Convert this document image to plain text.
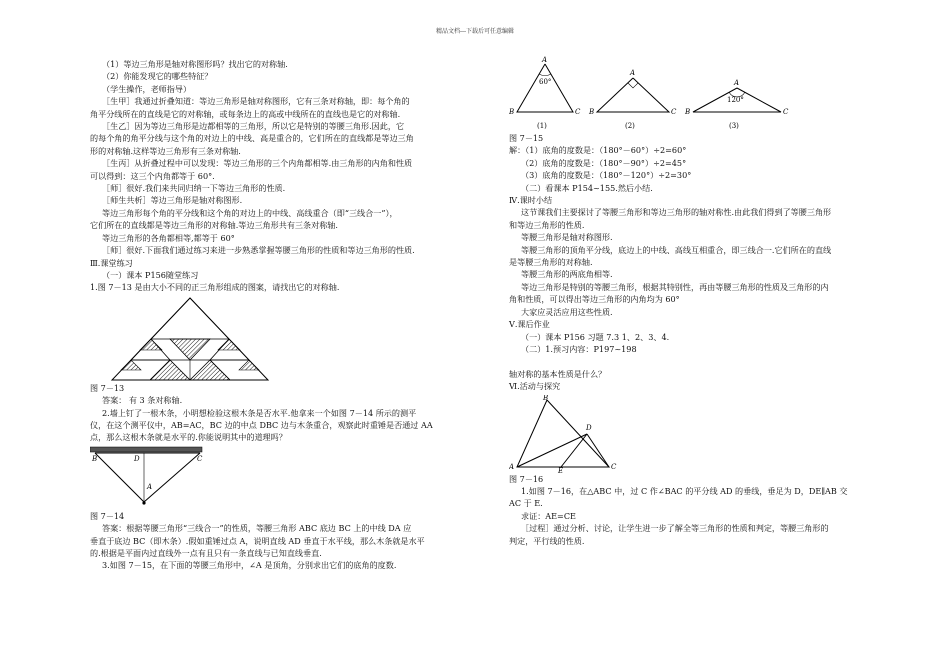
精品文档---下载后可任意编辑

（1）等边三角形是轴对称图形吗？找出它的对称轴.

（2）你能发现它的哪些特征？

（学生操作，老师指导）

［生甲］我通过折叠知道：等边三角形是轴对称图形，它有三条对称轴，即：每个角的

角平分线所在的直线是它的对称轴，或每条边上的高或中线所在的直线也是它的对称轴.

［生乙］因为等边三角形是边都相等的三角形，所以它是特别的等腰三角形.因此，它

的每个角的角平分线与这个角的对边上的中线、高是重合的，它们所在的直线都是等边三角

形的对称轴.这样等边三角形有三条对称轴.

［生丙］从折叠过程中可以发现：等边三角形的三个内角都相等.由三角形的内角和性质

可以得到：这三个内角都等于 60°.

［师］很好.我们来共同归纳一下等边三角形的性质.

［师生共析］等边三角形是轴对称图形.

等边三角形每个角的平分线和这个角的对边上的中线、高线重合（即“三线合一”），

它们所在的直线都是等边三角形的对称轴.等边三角形共有三条对称轴.

等边三角形的各角都相等,都等于 60°

［师］很好.下面我们通过练习来进一步熟悉掌握等腰三角形的性质和等边三角形的性质.

Ⅲ.课堂练习

（一）课本 P156随堂练习

1.图 7－13 是由大小不同的正三角形组成的图案，请找出它的对称轴.

图 7－13

答案： 有 3 条对称轴.

2.墙上钉了一根木条，小明想检验这根木条是否水平.他拿来一个如图 7－14 所示的测平

仪，在这个测平仪中，AB=AC，BC 边的中点 DBC 边与木条重合，观察此时重锤是否通过 AA

点，那么这根木条就是水平的.你能说明其中的道理吗？

B	D	C
A

图 7－14

答案：根据等腰三角形“三线合一”的性质，等腰三角形 ABC 底边 BC 上的中线 DA 应

垂直于底边 BC（即木条）.假如重锤过点 A，说明直线 AD 垂直于水平线，那么木条就是水平

的.根据是平面内过直线外一点有且只有一条直线与已知直线垂直.

3.如图 7－15，在下面的等腰三角形中，∠A 是顶角，分别求出它们的底角的度数.

60°
A
B	C
(1)
A
B	C
(2)
120°
A
B	C
(3)

图 7－15

解：（1）底角的度数是：（180°－60°）÷2=60°

（2）底角的度数是：（180°－90°）÷2=45°

（3）底角的度数是：（180°－120°）÷2=30°

（二）看课本 P154~155.然后小结.

Ⅳ.课时小结

这节课我们主要探讨了等腰三角形和等边三角形的轴对称性.由此我们得到了等腰三角形

和等边三角形的性质.

等腰三角形是轴对称图形.

等腰三角形的顶角平分线，底边上的中线、高线互相重合，即三线合一.它们所在的直线

是等腰三角形的对称轴.

等腰三角形的两底角相等.

等边三角形是特别的等腰三角形，根据其特别性，再由等腰三角形的性质及三角形的内

角和性质，可以得出等边三角形的内角均为 60°

大家应灵活应用这些性质.

Ⅴ.课后作业

（一）课本 P156 习题 7.3 1、2、3、4.

（二）1.预习内容：P197~198

轴对称的基本性质是什么？

Ⅵ.活动与探究

B
D
A	E	C

图 7－16

1.如图 7－16，在△ABC 中，过 C 作∠BAC 的平分线 AD 的垂线，垂足为 D，DE∥AB 交

AC 于 E.

求证：AE=CE

［过程］通过分析、讨论，让学生进一步了解全等三角形的性质和判定，等腰三角形的

判定，平行线的性质.
